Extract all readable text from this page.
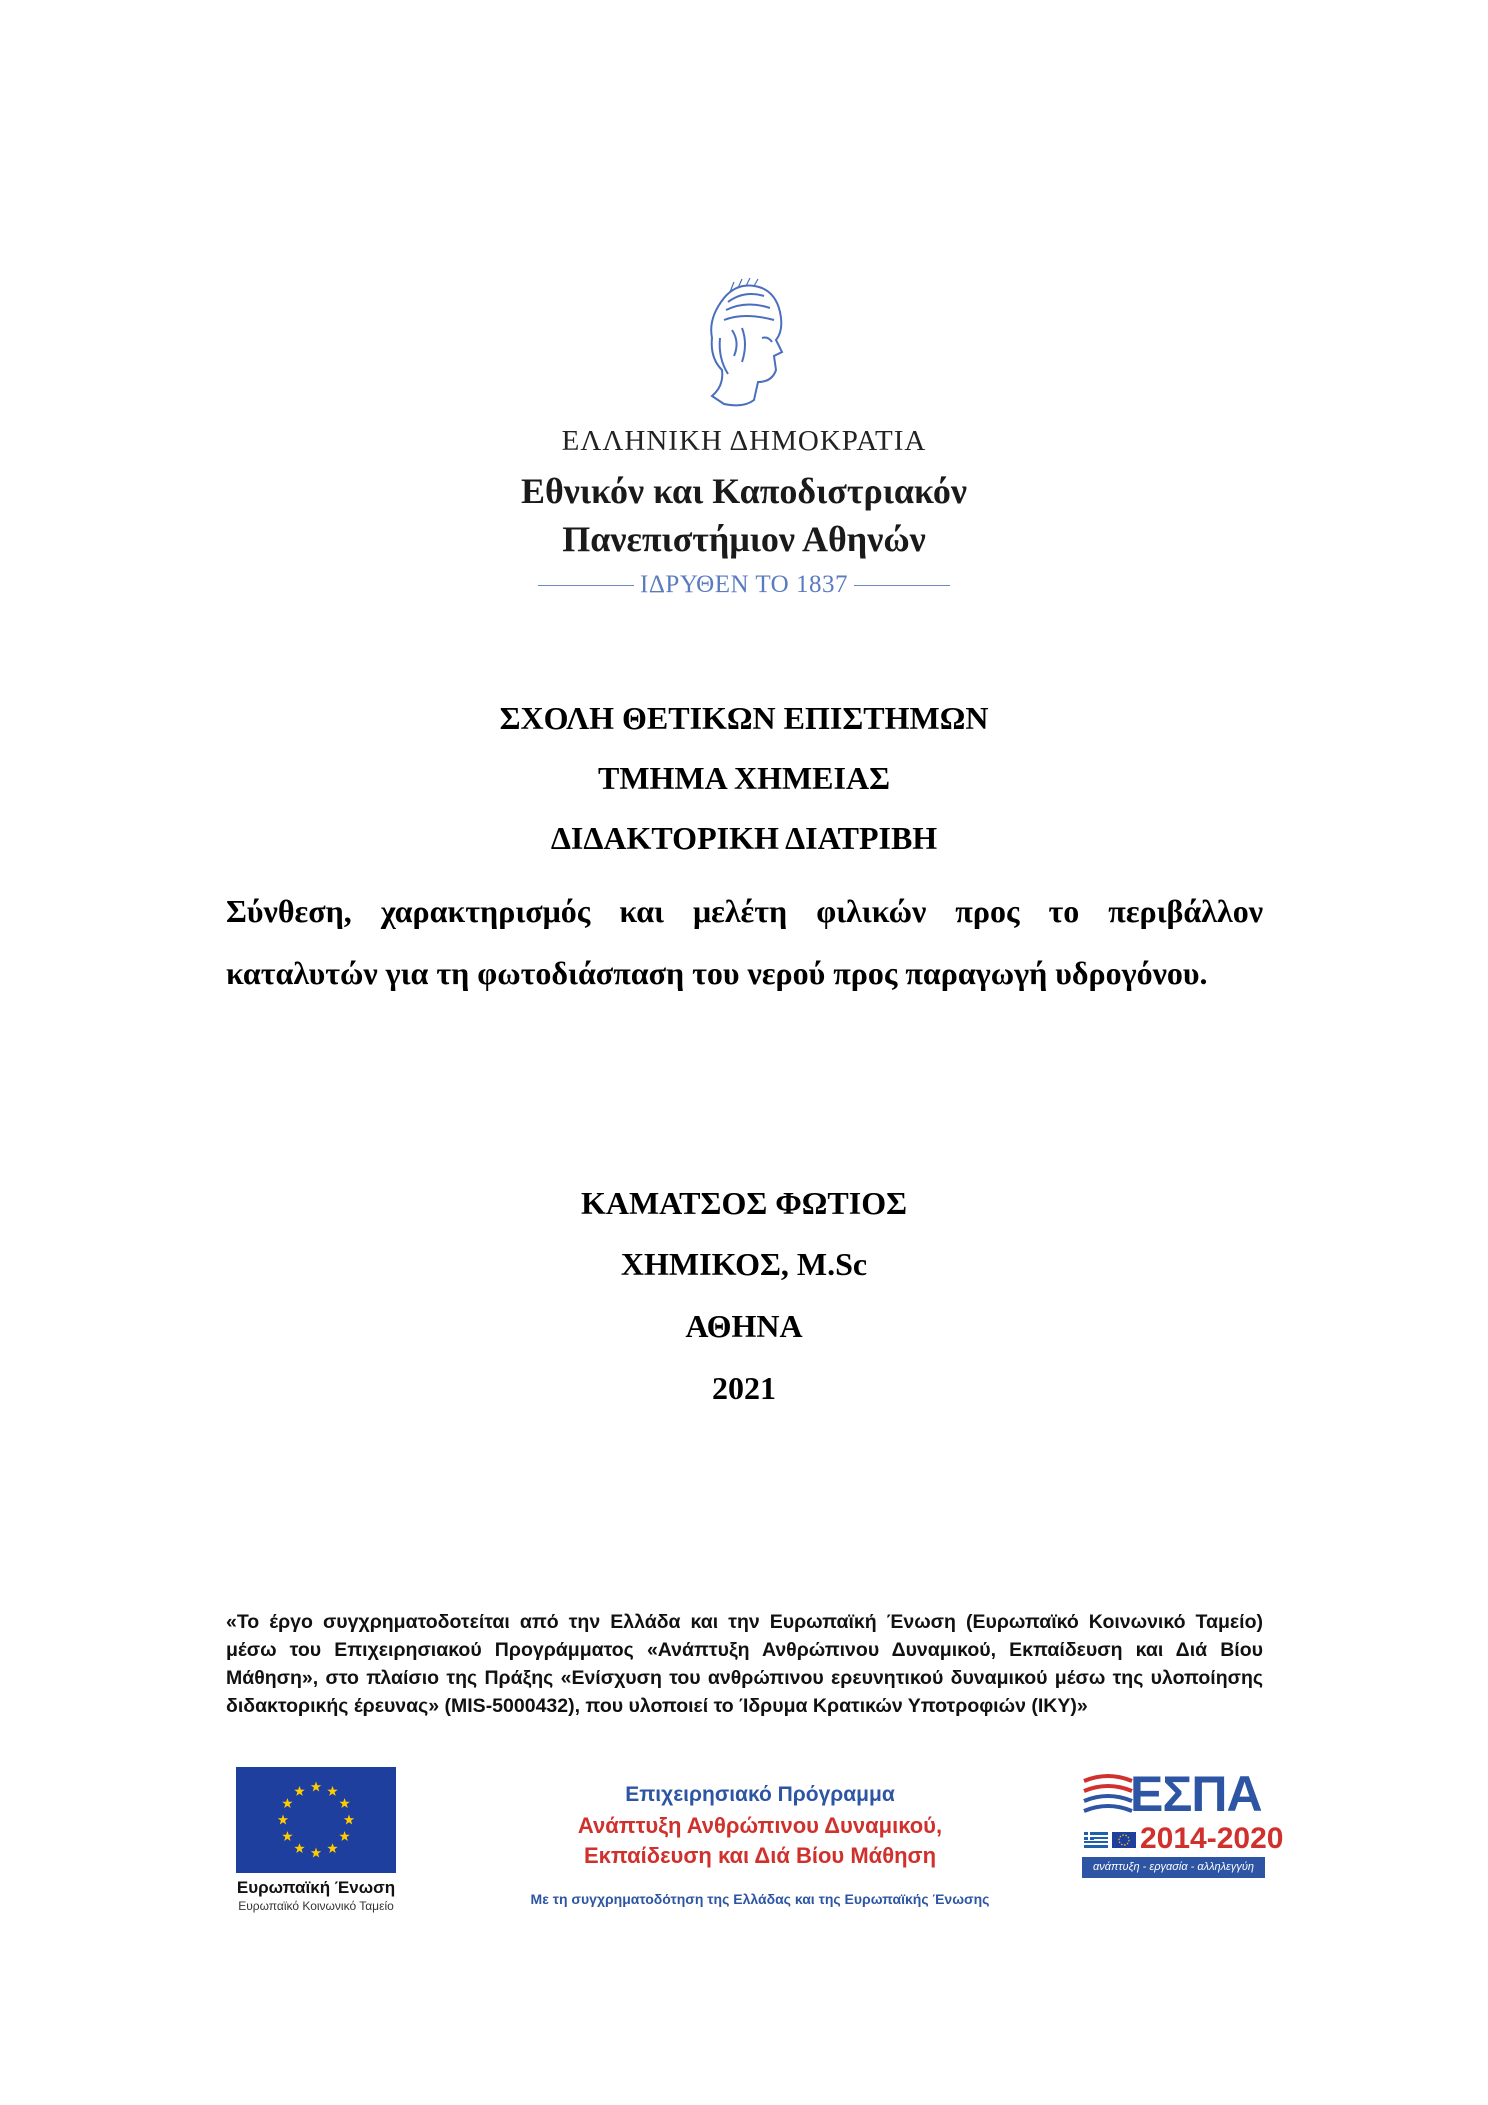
ΕΛΛΗΝΙΚΗ ΔΗΜΟΚΡΑΤΙΑ
Εθνικόν και Καποδιστριακόν
Πανεπιστήμιον Αθηνών
ΙΔΡΥΘΕΝ ΤΟ 1837
ΣΧΟΛΗ ΘΕΤΙΚΩΝ ΕΠΙΣΤΗΜΩΝ
ΤΜΗΜΑ ΧΗΜΕΙΑΣ
ΔΙΔΑΚΤΟΡΙΚΗ ΔΙΑΤΡΙΒΗ
Σύνθεση, χαρακτηρισμός και μελέτη φιλικών προς το περιβάλλον καταλυτών για τη φωτοδιάσπαση του νερού προς παραγωγή υδρογόνου.
ΚΑΜΑΤΣΟΣ ΦΩΤΙΟΣ
ΧΗΜΙΚΟΣ, M.Sc
ΑΘΗΝΑ
2021
«Το έργο συγχρηματοδοτείται από την Ελλάδα και την Ευρωπαϊκή Ένωση (Ευρωπαϊκό Κοινωνικό Ταμείο) μέσω του Επιχειρησιακού Προγράμματος «Ανάπτυξη Ανθρώπινου Δυναμικού, Εκπαίδευση και Διά Βίου Μάθηση», στο πλαίσιο της Πράξης «Ενίσχυση του ανθρώπινου ερευνητικού δυναμικού μέσω της υλοποίησης διδακτορικής έρευνας» (MIS-5000432), που υλοποιεί το Ίδρυμα Κρατικών Υποτροφιών (ΙΚΥ)»
Ευρωπαϊκή Ένωση
Ευρωπαϊκό Κοινωνικό Ταμείο
Επιχειρησιακό Πρόγραμμα
Ανάπτυξη Ανθρώπινου Δυναμικού,
Εκπαίδευση και Διά Βίου Μάθηση
Με τη συγχρηματοδότηση της Ελλάδας και της Ευρωπαϊκής Ένωσης
ΕΣΠΑ
2014-2020
ανάπτυξη - εργασία - αλληλεγγύη
